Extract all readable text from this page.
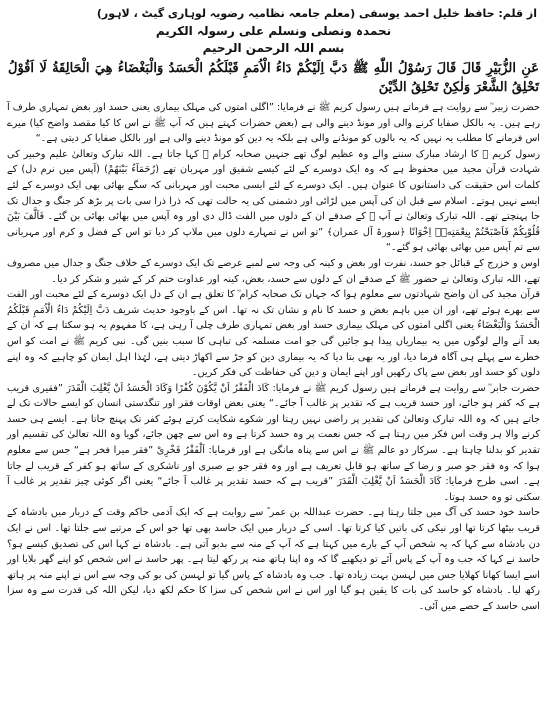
از قلم: حافظ خلیل احمد یوسفی (معلم جامعہ نظامیہ رضویہ لوہاری گیٹ ، لاہور)
نحمدہ ونصلی ونسلم علی رسولہ الکریم
بسم اللہ الرحمن الرحیم
عَنِ الزُّبَيْرِ قَالَ قَالَ رَسُوْلُ اللّٰهِ ﷺ دَبَّ اِلَيْكُمْ دَاءُ الْاُمَمِ قَبْلَكُمُ الْحَسَدُ وَالْبَغْضَاءُ هِيَ الْحَالِقَةُ لَا اَقُوْلُ تَحْلِقُ الشَّعْرَ وَلٰكِنْ تَحْلِقُ الدِّيْنَ

حضرت زبیر ؓ سے روایت ہے فرماتے ہیں رسول کریم ﷺ نے فرمایا: ”اگلی امتوں کی مہلک بیماری یعنی حسد اور بغض تمہاری طرف آ رہے ہیں۔ یہ بالکل صفایا کرنے والی اور مونڈ دینے والی ہے (بعض حضرات کہتے ہیں کہ آپ ﷺ نے اس کا کیا مقصد واضح کیا) میرے اس فرمانے کا مطلب یہ نہیں کہ یہ بالوں کو مونڈنے والی ہے بلکہ یہ دین کو مونڈ دینے والی ہے اور بالکل صفایا کر دیتی ہے۔“

رسول کریم ﷺ کا ارشاد مبارک سننے والے وہ عظیم لوگ تھے جنہیں صحابہ کرام ؓ کہا جاتا ہے۔ اللہ تبارک وتعالیٰ علیم وخبیر کی شہادت قرآن مجید میں محفوظ ہے کہ وہ ایک دوسرے کے لئے کیسے شفیق اور مہربان تھے (رُحَمَآءُ بَيْنَهُمْ) (آپس میں نرم دل) کے کلمات اس حقیقت کی داستانوں کا عنوان ہیں۔ ایک دوسرے کے لئے ایسی محبت اور مہربانی کہ سگے بھائی بھی ایک دوسرے کے لئے ایسے نہیں ہوتے۔ اسلام سے قبل ان کی آپس میں لڑائی اور دشمنی کی یہ حالت تھی کہ ذرا ذرا سی بات پر بڑھ کر جنگ و جدال تک جا پہنچتے تھے۔ اللہ تبارک وتعالیٰ نے آپ ﷺ کے صدقے ان کے دلوں میں الفت ڈال دی اور وہ آپس میں بھائی بھائی بن گئے۔ فَاَلَّفَ بَيْنَ قُلُوْبِكُمْ فَاَصْبَحْتُمْ بِنِعْمَتِهٖۤ اِخْوَانًا ﴿سورۃ آل عمران﴾ ”تو اس نے تمہارے دلوں میں ملاپ کر دیا تو اس کے فضل و کرم اور مہربانی سے تم آپس میں بھائی بھائی ہو گئے۔“

اوس و خزرج کے قبائل جو حسد، نفرت اور بغض و کینہ کی وجہ سے لمبے عرصے تک ایک دوسرے کے خلاف جنگ و جدال میں مصروف تھے، اللہ تبارک وتعالیٰ نے حضور ﷺ کے صدقے ان کے دلوں سے حسد، بغض، کینہ اور عداوت ختم کر کے شیر و شکر کر دیا۔

قرآن مجید کی ان واضح شہادتوں سے معلوم ہوا کہ جہاں تک صحابہ کرام ؓ کا تعلق ہے ان کے دل ایک دوسرے کے لئے محبت اور الفت سے بھرے ہوئے تھے، اور ان میں باہم بغض و حسد کا نام و نشان تک نہ تھا۔ اس کے باوجود حدیث شریف دَبَّ اِلَيْكُمْ دَاءُ الْاُمَمِ قَبْلَكُمُ الْحَسَدُ وَالْبَغْضَاءُ یعنی اگلی امتوں کی مہلک بیماری حسد اور بغض تمہاری طرف چلی آ رہی ہے، کا مفہوم یہ ہو سکتا ہے کہ ان کے بعد آنے والے لوگوں میں یہ بیماریاں پیدا ہو جائیں گی جو امت مسلمہ کی تباہی کا سبب بنیں گی۔ نبی کریم ﷺ نے امت کو اس خطرے سے پہلے ہی آگاہ فرما دیا، اور یہ بھی بتا دیا کہ یہ بیماری دین کو جڑ سے اکھاڑ دیتی ہے، لہٰذا اہل ایمان کو چاہیے کہ وہ اپنے دلوں کو حسد اور بغض سے پاک رکھیں اور اپنے ایمان و دین کی حفاظت کی فکر کریں۔

حضرت جابر ؓ سے روایت ہے فرماتے ہیں رسول کریم ﷺ نے فرمایا: كَادَ الْفَقْرُ اَنْ يَّكُوْنَ كُفْرًا وَكَادَ الْحَسَدُ اَنْ يَّغْلِبَ الْقَدَرَ ”فقیری قریب ہے کہ کفر ہو جائے، اور حسد قریب ہے کہ تقدیر پر غالب آ جائے۔“ یعنی بعض اوقات فقر اور تنگدستی انسان کو ایسے حالات تک لے جاتے ہیں کہ وہ اللہ تبارک وتعالیٰ کی تقدیر پر راضی نہیں رہتا اور شکوے شکایت کرتے ہوئے کفر تک پہنچ جاتا ہے۔ ایسے ہی حسد کرنے والا ہر وقت اس فکر میں رہتا ہے کہ جس نعمت پر وہ حسد کرتا ہے وہ اس سے چھن جائے، گویا وہ اللہ تعالیٰ کی تقسیم اور تقدیر کو بدلنا چاہتا ہے۔ سرکار دو عالم ﷺ نے اس سے پناہ مانگی ہے اور فرمایا: اَلْفَقْرُ فَخْرِیْ ”فقر میرا فخر ہے“ جس سے معلوم ہوا کہ وہ فقر جو صبر و رضا کے ساتھ ہو قابل تعریف ہے اور وہ فقر جو بے صبری اور ناشکری کے ساتھ ہو کفر کے قریب لے جاتا ہے۔ اسی طرح فرمایا: كَادَ الْحَسَدُ اَنْ يَّغْلِبَ الْقَدَرَ ”قریب ہے کہ حسد تقدیر پر غالب آ جائے“ یعنی اگر کوئی چیز تقدیر پر غالب آ سکتی تو وہ حسد ہوتا۔

حاسد خود حسد کی آگ میں جلتا رہتا ہے۔ حضرت عبداللہ بن عمر ؓ سے روایت ہے کہ ایک آدمی حاکم وقت کے دربار میں بادشاہ کے قریب بیٹھا کرتا تھا اور نیکی کی باتیں کیا کرتا تھا۔ اسی کے دربار میں ایک حاسد بھی تھا جو اس کے مرتبے سے جلتا تھا۔ اس نے ایک دن بادشاہ سے کہا کہ یہ شخص آپ کے بارے میں کہتا ہے کہ آپ کے منہ سے بدبو آتی ہے۔ بادشاہ نے کہا اس کی تصدیق کیسے ہو؟ حاسد نے کہا کہ جب وہ آپ کے پاس آئے تو دیکھیے گا کہ وہ اپنا ہاتھ منہ پر رکھ لیتا ہے۔ پھر حاسد نے اس شخص کو اپنے گھر بلایا اور اسے ایسا کھانا کھلایا جس میں لہسن بہت زیادہ تھا۔ جب وہ بادشاہ کے پاس گیا تو لہسن کی بو کی وجہ سے اس نے اپنے منہ پر ہاتھ رکھ لیا۔ بادشاہ کو حاسد کی بات کا یقین ہو گیا اور اس نے اس شخص کی سزا کا حکم لکھ دیا، لیکن اللہ کی قدرت سے وہ سزا اسی حاسد کے حصے میں آئی۔
